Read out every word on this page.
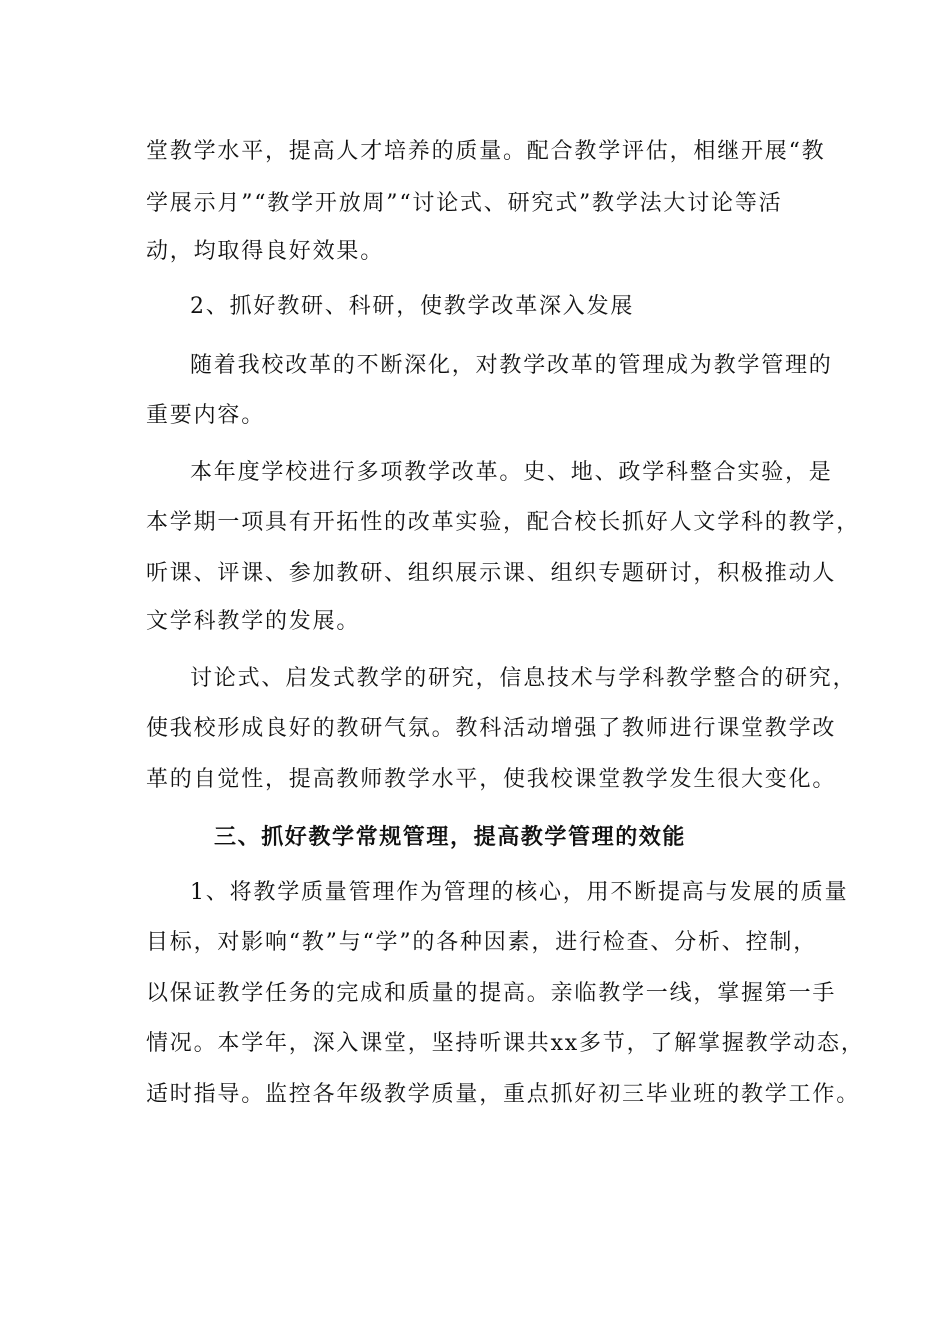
堂教学水平，提高人才培养的质量。配合教学评估，相继开展“教
学展示月”“教学开放周”“讨论式、研究式”教学法大讨论等活
动，均取得良好效果。
2、抓好教研、科研，使教学改革深入发展
随着我校改革的不断深化，对教学改革的管理成为教学管理的
重要内容。
本年度学校进行多项教学改革。史、地、政学科整合实验，是
本学期一项具有开拓性的改革实验，配合校长抓好人文学科的教学，
听课、评课、参加教研、组织展示课、组织专题研讨，积极推动人
文学科教学的发展。
讨论式、启发式教学的研究，信息技术与学科教学整合的研究，
使我校形成良好的教研气氛。教科活动增强了教师进行课堂教学改
革的自觉性，提高教师教学水平，使我校课堂教学发生很大变化。
三、抓好教学常规管理，提高教学管理的效能
1、将教学质量管理作为管理的核心，用不断提高与发展的质量
目标，对影响“教”与“学”的各种因素，进行检查、分析、控制，
以保证教学任务的完成和质量的提高。亲临教学一线，掌握第一手
情况。本学年，深入课堂，坚持听课共xx多节，了解掌握教学动态，
适时指导。监控各年级教学质量，重点抓好初三毕业班的教学工作。
